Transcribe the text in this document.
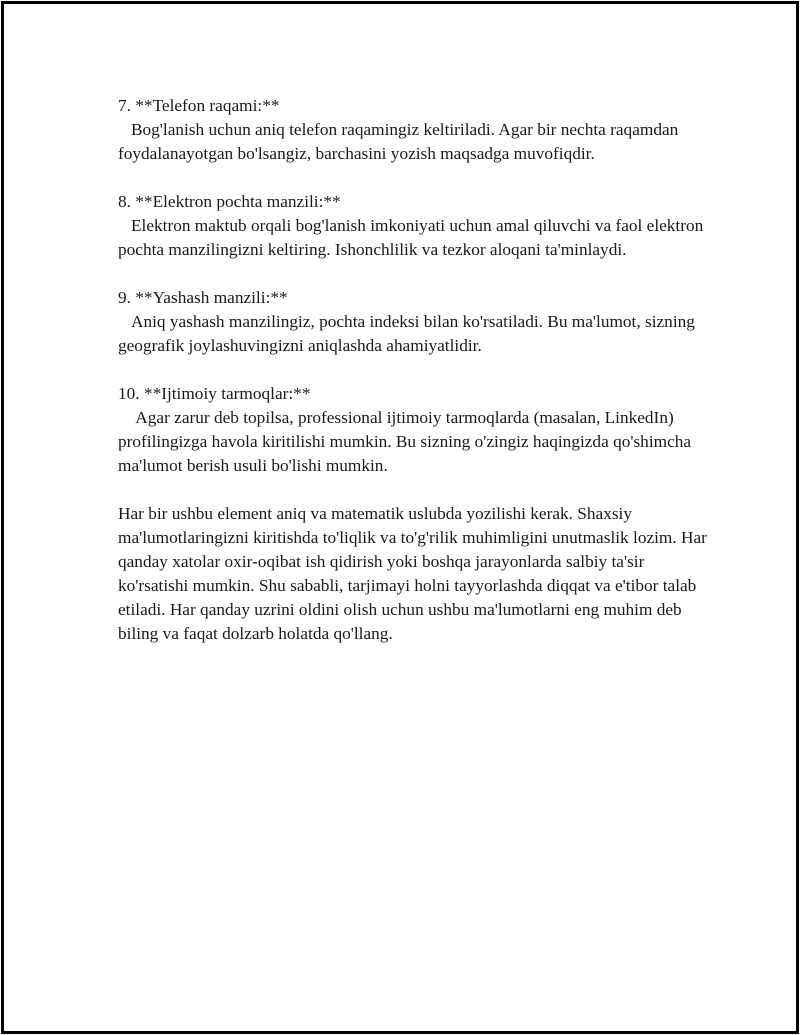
7. **Telefon raqami:**

Bog'lanish uchun aniq telefon raqamingiz keltiriladi. Agar bir nechta raqamdan foydalanayotgan bo'lsangiz, barchasini yozish maqsadga muvofiqdir.

8. **Elektron pochta manzili:**

Elektron maktub orqali bog'lanish imkoniyati uchun amal qiluvchi va faol elektron pochta manzilingizni keltiring. Ishonchlilik va tezkor aloqani ta'minlaydi.

9. **Yashash manzili:**

Aniq yashash manzilingiz, pochta indeksi bilan ko'rsatiladi. Bu ma'lumot, sizning geografik joylashuvingizni aniqlashda ahamiyatlidir.

10. **Ijtimoiy tarmoqlar:**

Agar zarur deb topilsa, professional ijtimoiy tarmoqlarda (masalan, LinkedIn) profilingizga havola kiritilishi mumkin. Bu sizning o'zingiz haqingizda qo'shimcha ma'lumot berish usuli bo'lishi mumkin.

Har bir ushbu element aniq va matematik uslubda yozilishi kerak. Shaxsiy ma'lumotlaringizni kiritishda to'liqlik va to'g'rilik muhimligini unutmaslik lozim. Har qanday xatolar oxir-oqibat ish qidirish yoki boshqa jarayonlarda salbiy ta'sir ko'rsatishi mumkin. Shu sababli, tarjimayi holni tayyorlashda diqqat va e'tibor talab etiladi. Har qanday uzrini oldini olish uchun ushbu ma'lumotlarni eng muhim deb biling va faqat dolzarb holatda qo'llang.
